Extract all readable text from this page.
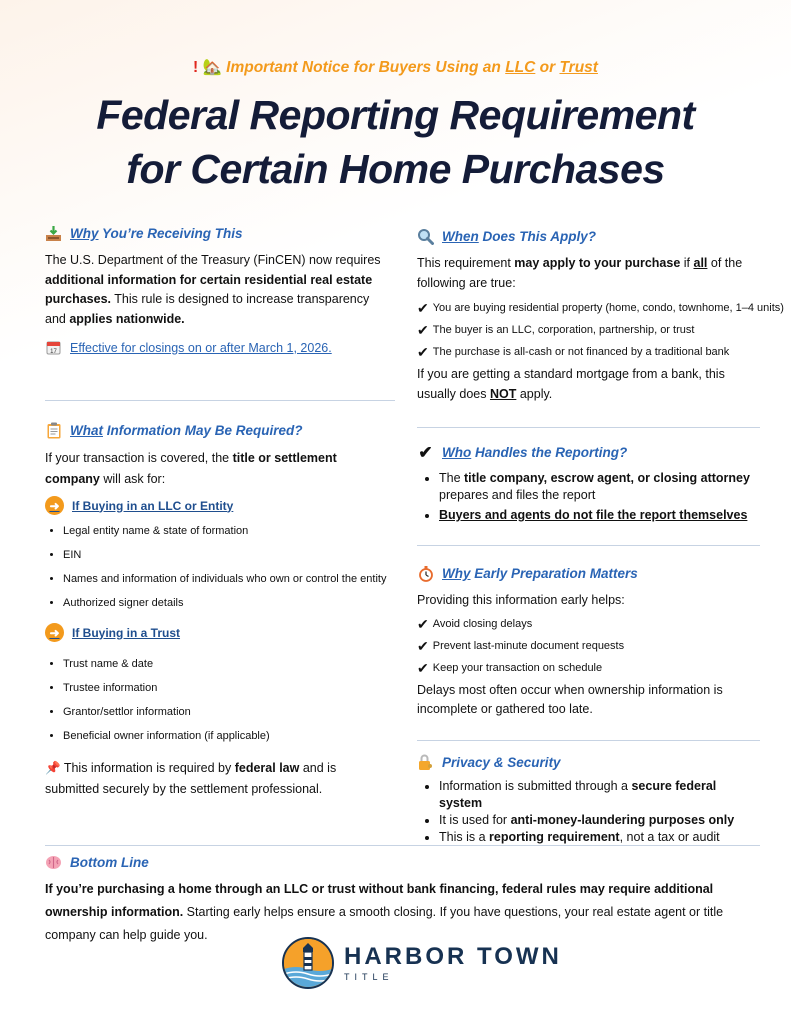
! 🏡 Important Notice for Buyers Using an LLC or Trust
Federal Reporting Requirement
for Certain Home Purchases
Why You’re Receiving This

The U.S. Department of the Treasury (FinCEN) now requires additional information for certain residential real estate purchases. This rule is designed to increase transparency and applies nationwide.

17 Effective for closings on or after March 1, 2026.
What Information May Be Required?

If your transaction is covered, the title or settlement company will ask for:

➜	If Buying in an LLC or Entity
• Legal entity name & state of formation
• EIN
• Names and information of individuals who own or control the entity
• Authorized signer details
➜	If Buying in a Trust
• Trust name & date
• Trustee information
• Grantor/settlor information
• Beneficial owner information (if applicable)

📌 This information is required by federal law and is submitted securely by the settlement professional.

When Does This Apply?

This requirement may apply to your purchase if all of the following are true:

✔ You are buying residential property (home, condo, townhome, 1–4 units)
✔ The buyer is an LLC, corporation, partnership, or trust
✔ The purchase is all-cash or not financed by a traditional bank

If you are getting a standard mortgage from a bank, this usually does NOT apply.

✔ Who Handles the Reporting?
• The title company, escrow agent, or closing attorney prepares and files the report
• Buyers and agents do not file the report themselves
Why Early Preparation Matters

Providing this information early helps:

✔ Avoid closing delays
✔ Prevent last-minute document requests
✔ Keep your transaction on schedule

Delays most often occur when ownership information is incomplete or gathered too late.

Privacy & Security
• Information is submitted through a secure federal system
• It is used for anti-money-laundering purposes only
• This is a reporting requirement, not a tax or audit
Bottom Line

If you’re purchasing a home through an LLC or trust without bank financing, federal rules may require additional ownership information. Starting early helps ensure a smooth closing. If you have questions, your real estate agent or title company can help guide you.

HARBOR TOWN
TITLE
